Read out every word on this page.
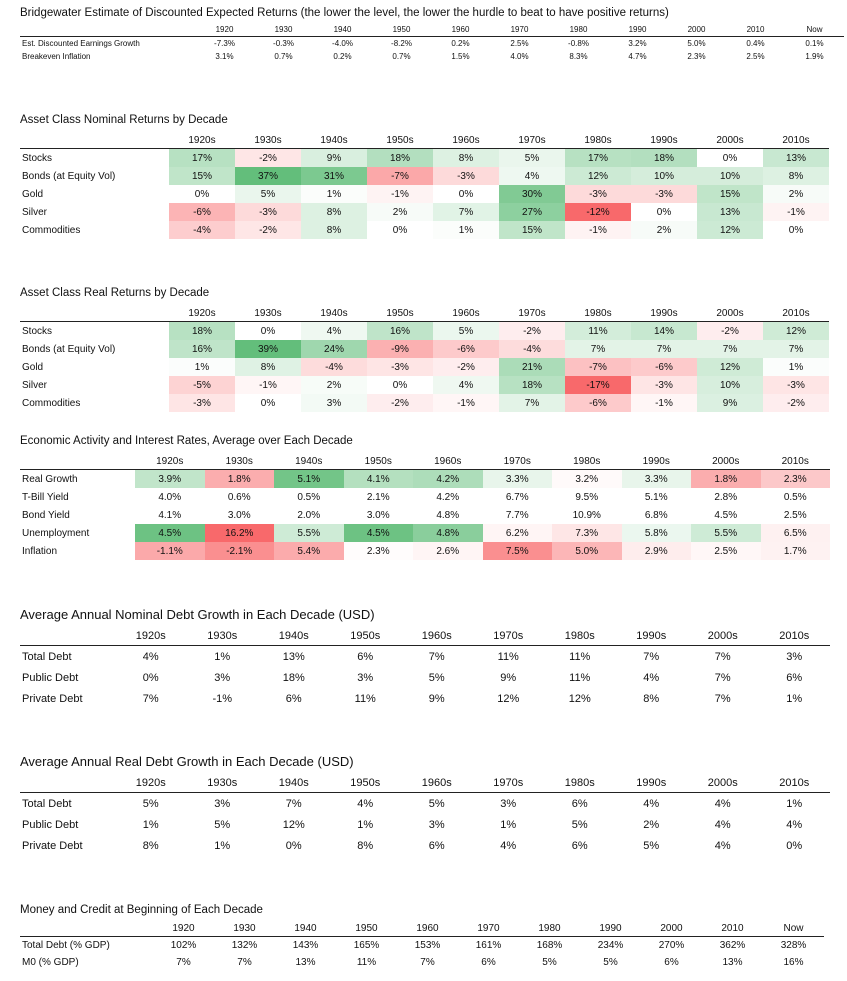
Bridgewater Estimate of Discounted Expected Returns (the lower the level, the lower the hurdle to beat to have positive returns)
	1920	1930	1940	1950	1960	1970	1980	1990	2000	2010	Now
Est. Discounted Earnings Growth	-7.3%	-0.3%	-4.0%	-8.2%	0.2%	2.5%	-0.8%	3.2%	5.0%	0.4%	0.1%
Breakeven Inflation	3.1%	0.7%	0.2%	0.7%	1.5%	4.0%	8.3%	4.7%	2.3%	2.5%	1.9%
Asset Class Nominal Returns by Decade
	1920s	1930s	1940s	1950s	1960s	1970s	1980s	1990s	2000s	2010s
Stocks	17%	-2%	9%	18%	8%	5%	17%	18%	0%	13%
Bonds (at Equity Vol)	15%	37%	31%	-7%	-3%	4%	12%	10%	10%	8%
Gold	0%	5%	1%	-1%	0%	30%	-3%	-3%	15%	2%
Silver	-6%	-3%	8%	2%	7%	27%	-12%	0%	13%	-1%
Commodities	-4%	-2%	8%	0%	1%	15%	-1%	2%	12%	0%
Asset Class Real Returns by Decade
	1920s	1930s	1940s	1950s	1960s	1970s	1980s	1990s	2000s	2010s
Stocks	18%	0%	4%	16%	5%	-2%	11%	14%	-2%	12%
Bonds (at Equity Vol)	16%	39%	24%	-9%	-6%	-4%	7%	7%	7%	7%
Gold	1%	8%	-4%	-3%	-2%	21%	-7%	-6%	12%	1%
Silver	-5%	-1%	2%	0%	4%	18%	-17%	-3%	10%	-3%
Commodities	-3%	0%	3%	-2%	-1%	7%	-6%	-1%	9%	-2%
Economic Activity and Interest Rates, Average over Each Decade
	1920s	1930s	1940s	1950s	1960s	1970s	1980s	1990s	2000s	2010s
Real Growth	3.9%	1.8%	5.1%	4.1%	4.2%	3.3%	3.2%	3.3%	1.8%	2.3%
T-Bill Yield	4.0%	0.6%	0.5%	2.1%	4.2%	6.7%	9.5%	5.1%	2.8%	0.5%
Bond Yield	4.1%	3.0%	2.0%	3.0%	4.8%	7.7%	10.9%	6.8%	4.5%	2.5%
Unemployment	4.5%	16.2%	5.5%	4.5%	4.8%	6.2%	7.3%	5.8%	5.5%	6.5%
Inflation	-1.1%	-2.1%	5.4%	2.3%	2.6%	7.5%	5.0%	2.9%	2.5%	1.7%
Average Annual Nominal Debt Growth in Each Decade (USD)
	1920s	1930s	1940s	1950s	1960s	1970s	1980s	1990s	2000s	2010s
Total Debt	4%	1%	13%	6%	7%	11%	11%	7%	7%	3%
Public Debt	0%	3%	18%	3%	5%	9%	11%	4%	7%	6%
Private Debt	7%	-1%	6%	11%	9%	12%	12%	8%	7%	1%
Average Annual Real Debt Growth in Each Decade (USD)
	1920s	1930s	1940s	1950s	1960s	1970s	1980s	1990s	2000s	2010s
Total Debt	5%	3%	7%	4%	5%	3%	6%	4%	4%	1%
Public Debt	1%	5%	12%	1%	3%	1%	5%	2%	4%	4%
Private Debt	8%	1%	0%	8%	6%	4%	6%	5%	4%	0%
Money and Credit at Beginning of Each Decade
	1920	1930	1940	1950	1960	1970	1980	1990	2000	2010	Now
Total Debt (% GDP)	102%	132%	143%	165%	153%	161%	168%	234%	270%	362%	328%
M0 (% GDP)	7%	7%	13%	11%	7%	6%	5%	5%	6%	13%	16%
